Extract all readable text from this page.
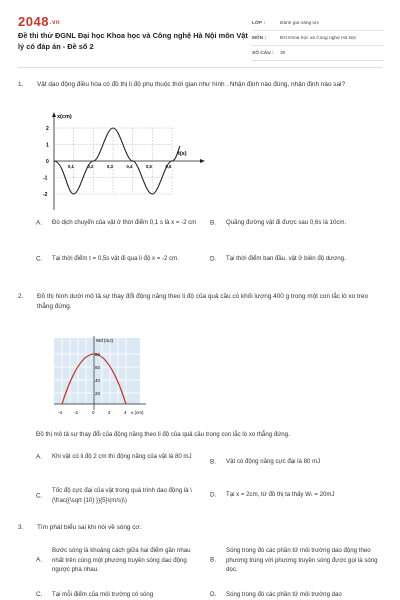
2048.vn
Đề thi thử ĐGNL Đại học Khoa học và Công nghệ Hà Nội môn Vật lý có đáp án - Đề số 2
LỚP :	Đánh giá năng lực
MÔN :	ĐH Khoa học và Công nghệ Hà Nội
SỐ CÂU :	30
1. Vật dao động điều hòa có đồ thị li độ phụ thuộc thời gian như hình . Nhận định nào đúng, nhận định nào sai?
x(cm)
t(s)
2
1
0
-1
-2
0,1	0,2	0,3	0,4	0,5	0,6
A. Đó dịch chuyển của vật ở thời điểm 0,1 s là x = -2 cm	B. Quãng đường vật đi được sau 0,6s là 10cm.
C. Tại thời điểm t = 0,5s vật đi qua li độ x = -2 cm.	D. Tại thời điểm ban đầu, vật ở biên độ dương.
2. Đồ thị hình dưới mô tả sự thay đổi động năng theo li độ của quả cầu có khối lượng 400 g trong một con lắc lò xo treo thẳng đứng.
Wđ (mJ)
80
60
40
20
-4	-2	0	2	4 x (cm)
Đồ thị mô tả sự thay đổi của động năng theo li độ của quả cầu trong con lắc lò xo thẳng đứng.
A. Khi vật có li độ 2 cm thì động năng của vật là 80 mJ
B. Vật có động năng cực đại là 80 mJ
C.
Tốc độ cực đại của vật trong quá trình dao động là \(\frac{{\sqrt {10} }}{5}\(m/s)\)
D. Tại x = 2cm, từ đồ thị ta thấy Wₜ = 20mJ
3. Tìm phát biểu sai khi nói về sóng cơ.
A.
Bước sóng là khoảng cách giữa hai điểm gần nhau nhất trên cùng một phương truyền sóng dao động ngược pha nhau.
B.
Sóng trong đó các phần tử môi trường dao động theo phương trùng với phương truyền sóng được gọi là sóng dọc.
C. Tại mỗi điểm của môi trường có sóng	D. Sóng trong đó các phần tử môi trường dao
